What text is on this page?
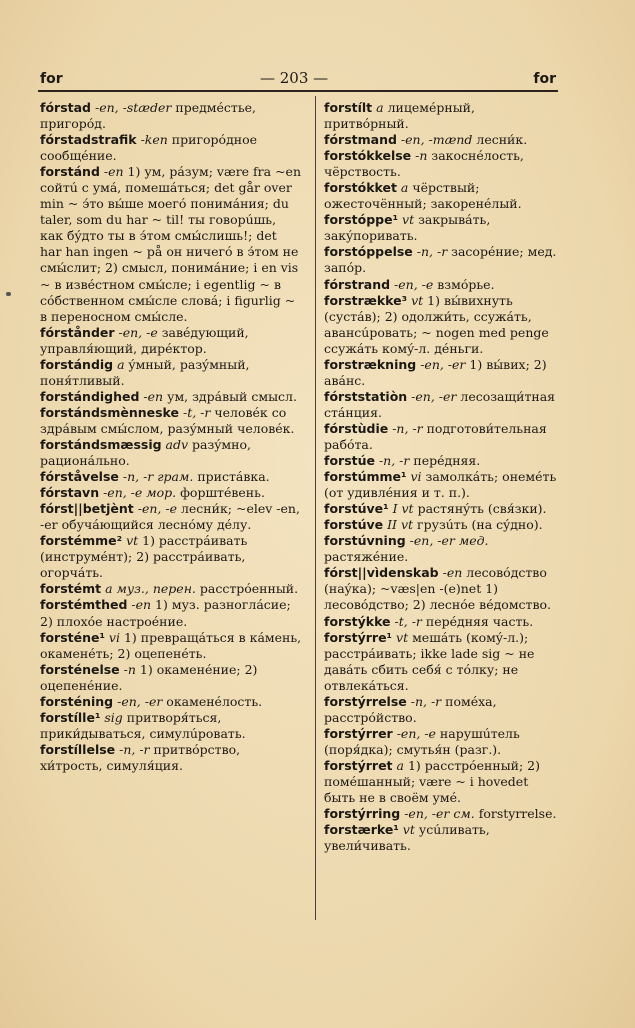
for	— 203 —	for

fórstad -en, -stæder предмéстье, пригорóд.

fórstadstrafik -ken пригорóдное сообщéние.

forstánd -en 1) ум, рáзум; være fra ~en сойтú с умá, помешáться; det går over min ~ э́то вы́ше моегó понимáния; du taler, som du har ~ til! ты говорúшь, как бýдто ты в э́том смы́слишь!; det har han ingen ~ på он ничегó в э́том не смы́слит; 2) смысл, понимáние; i en vis ~ в извéстном смы́сле; i egentlig ~ в сóбственном смы́сле словá; i figurlig ~ в переносном смы́сле.

fórstånder -en, -e завéдующий, управля́ющий, дирéктор.

forstándig a ýмный, разýмный, поня́тливый.

forstándighed -en ум, здрáвый смысл.

forstándsmènneske -t, -r человéк со здрáвым смы́слом, разýмный человéк.

forstándsmæssig adv разýмно, рационáльно.

fórståvelse -n, -r грам. пристáвка.

fórstavn -en, -e мор. форштéвень.

fórst||betjènt -en, -e лесни́к; ~elev -en, -er обучáющийся леснóму дéлу.

forstémme² vt 1) расстрáивать (инструмéнт); 2) расстрáивать, огорчáть.

forstémt a муз., перен. расстрóенный.

forstémthed -en 1) муз. разноглáсие; 2) плохóе настроéние.

forsténe¹ vi 1) превращáться в кáмень, окаменéть; 2) оцепенéть.

forsténelse -n 1) окаменéние; 2) оцепенéние.

forsténing -en, -er окаменéлость.

forstílle¹ sig притворя́ться, прики́дываться, симулúровать.

forstíllelse -n, -r притвóрство, хи́трость, симуля́ция.

forstílt a лицемéрный, притвóрный.

fórstmand -en, -mænd лесни́к.

forstókkelse -n закоснéлость, чёрствость.

forstókket a чёрствый; ожесточённый; закоренéлый.

forstóppe¹ vt закрывáть, закýпоривать.

forstóppelse -n, -r засорéние; мед. запóр.

fórstrand -en, -e взмóрье.

forstrække³ vt 1) вы́вихнуть (сустáв); 2) одолжи́ть, ссужáть, авансúровать; ~ nogen med penge ссужáть комý-л. дéньги.

forstrækning -en, -er 1) вы́вих; 2) авáнс.

fórststatiòn -en, -er лесозащи́тная стáнция.

fórstùdie -n, -r подготови́тельная рабóта.

forstúe -n, -r перéдняя.

forstúmme¹ vi замолкáть; онемéть (от удивлéния и т. п.).

forstúve¹ I vt растянýть (свя́зки).

forstúve II vt грузúть (на сýдно).

forstúvning -en, -er мед. растяжéние.

fórst||vìdenskab -en лесовóдство (наýка); ~væs|en -(e)net 1) лесовóдство; 2) леснóе вéдомство.

forstýkke -t, -r перéдняя часть.

forstýrre¹ vt мешáть (комý-л.); расстрáивать; ikke lade sig ~ не давáть сбить себя́ с тóлку; не отвлекáться.

forstýrrelse -n, -r помéха, расстрóйство.

forstýrrer -en, -e нарушúтель (поря́дка); смутья́н (разг.).

forstýrret a 1) расстрóенный; 2) помéшанный; være ~ i hovedet быть не в своём умé.

forstýrring -en, -er см. forstyrrelse.

forstærke¹ vt усúливать, увели́чивать.
